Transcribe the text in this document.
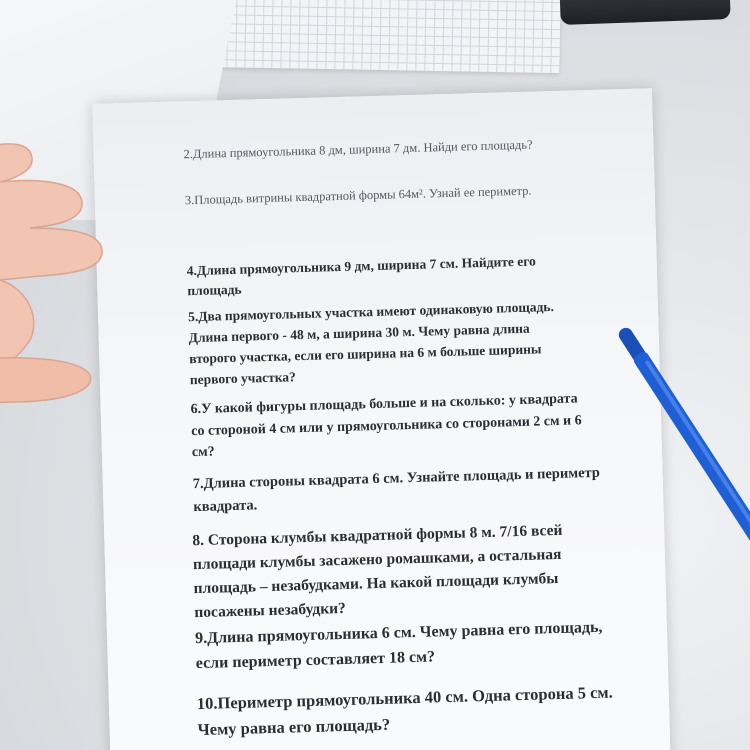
2.Длина прямоугольника 8 дм, ширина 7 дм. Найди его площадь?

3.Площадь витрины квадратной формы 64м². Узнай ее периметр.

4.Длина прямоугольника 9 дм, ширина 7 см. Найдите его площадь

5.Два прямоугольных участка имеют одинаковую площадь. Длина первого - 48 м, а ширина 30 м. Чему равна длина второго участка, если его ширина на 6 м больше ширины первого участка?

6.У какой фигуры площадь больше и на сколько: у квадрата со стороной 4 см или у прямоугольника со сторонами 2 см и 6 см?

7.Длина стороны квадрата 6 см. Узнайте площадь и периметр квадрата.

8. Сторона клумбы квадратной формы 8 м. 7/16 всей площади клумбы засажено ромашками, а остальная площадь – незабудками. На какой площади клумбы посажены незабудки?

9.Длина прямоугольника 6 см. Чему равна его площадь, если периметр составляет 18 см?

10.Периметр прямоугольника 40 см. Одна сторона 5 см. Чему равна его площадь?
